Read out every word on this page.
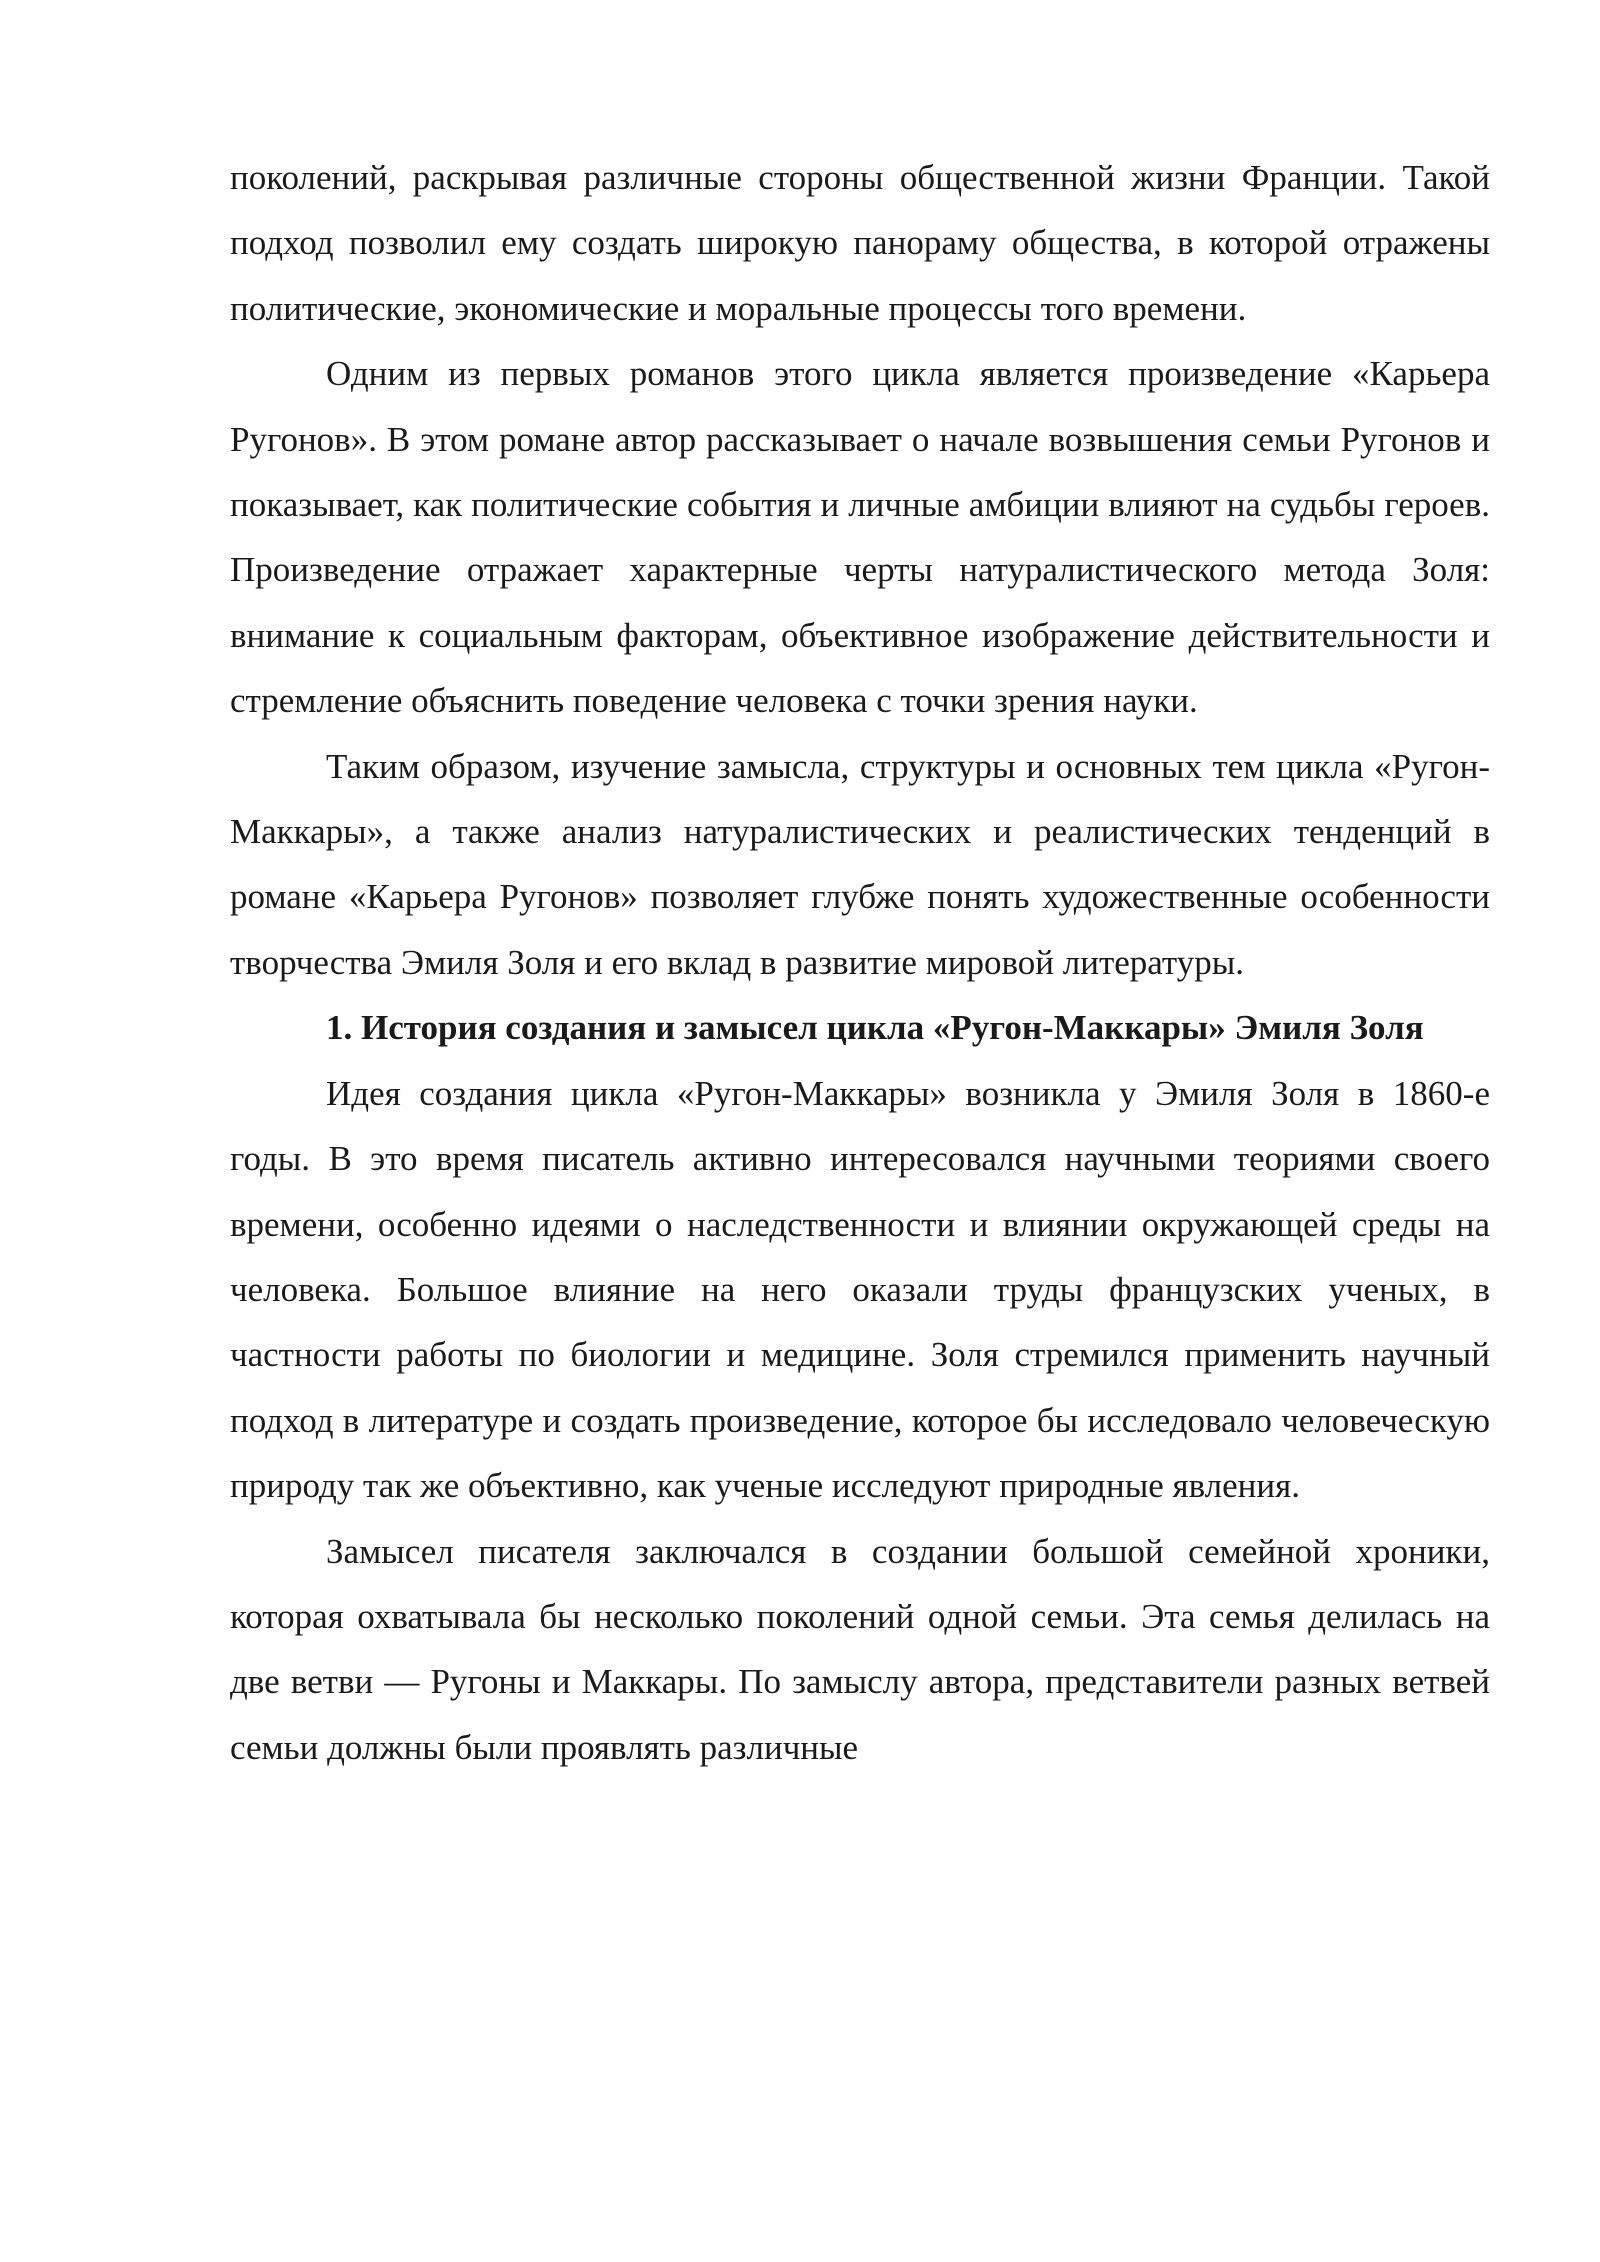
поколений, раскрывая различные стороны общественной жизни Франции. Такой подход позволил ему создать широкую панораму общества, в которой отражены политические, экономические и моральные процессы того времени.

Одним из первых романов этого цикла является произведение «Карьера Ругонов». В этом романе автор рассказывает о начале возвышения семьи Ругонов и показывает, как политические события и личные амбиции влияют на судьбы героев. Произведение отражает характерные черты натуралистического метода Золя: внимание к социальным факторам, объективное изображение действительности и стремление объяснить поведение человека с точки зрения науки.

Таким образом, изучение замысла, структуры и основных тем цикла «Ругон-Маккары», а также анализ натуралистических и реалистических тенденций в романе «Карьера Ругонов» позволяет глубже понять художественные особенности творчества Эмиля Золя и его вклад в развитие мировой литературы.

1. История создания и замысел цикла «Ругон-Маккары» Эмиля Золя

Идея создания цикла «Ругон-Маккары» возникла у Эмиля Золя в 1860-е годы. В это время писатель активно интересовался научными теориями своего времени, особенно идеями о наследственности и влиянии окружающей среды на человека. Большое влияние на него оказали труды французских ученых, в частности работы по биологии и медицине. Золя стремился применить научный подход в литературе и создать произведение, которое бы исследовало человеческую природу так же объективно, как ученые исследуют природные явления.

Замысел писателя заключался в создании большой семейной хроники, которая охватывала бы несколько поколений одной семьи. Эта семья делилась на две ветви — Ругоны и Маккары. По замыслу автора, представители разных ветвей семьи должны были проявлять различные
